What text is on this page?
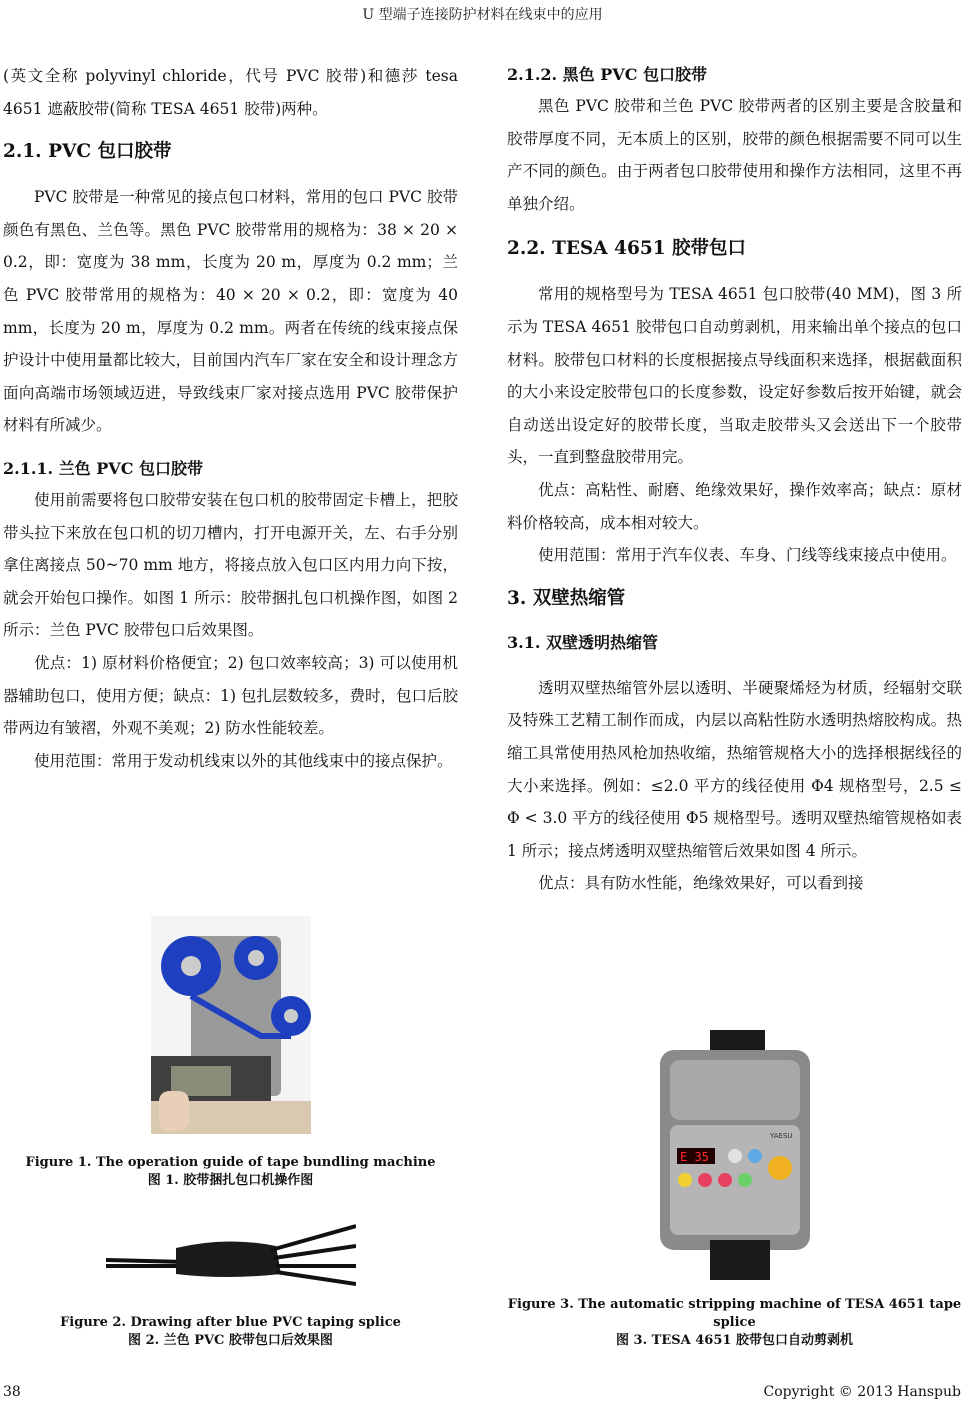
U 型端子连接防护材料在线束中的应用

(英文全称 polyvinyl chloride，代号 PVC 胶带)和德莎 tesa 4651 遮蔽胶带(简称 TESA 4651 胶带)两种。

2.1. PVC 包口胶带

PVC 胶带是一种常见的接点包口材料，常用的包口 PVC 胶带颜色有黑色、兰色等。黑色 PVC 胶带常用的规格为：38 × 20 × 0.2，即：宽度为 38 mm，长度为 20 m，厚度为 0.2 mm；兰色 PVC 胶带常用的规格为：40 × 20 × 0.2，即：宽度为 40 mm，长度为 20 m，厚度为 0.2 mm。两者在传统的线束接点保护设计中使用量都比较大，目前国内汽车厂家在安全和设计理念方面向高端市场领域迈进，导致线束厂家对接点选用 PVC 胶带保护材料有所减少。

2.1.1. 兰色 PVC 包口胶带

使用前需要将包口胶带安装在包口机的胶带固定卡槽上，把胶带头拉下来放在包口机的切刀槽内，打开电源开关，左、右手分别拿住离接点 50~70 mm 地方，将接点放入包口区内用力向下按，就会开始包口操作。如图 1 所示：胶带捆扎包口机操作图，如图 2 所示：兰色 PVC 胶带包口后效果图。

优点：1) 原材料价格便宜；2) 包口效率较高；3) 可以使用机器辅助包口，使用方便；缺点：1) 包扎层数较多，费时，包口后胶带两边有皱褶，外观不美观；2) 防水性能较差。

使用范围：常用于发动机线束以外的其他线束中的接点保护。

Figure 1. The operation guide of tape bundling machine

图 1. 胶带捆扎包口机操作图

Figure 2. Drawing after blue PVC taping splice

图 2. 兰色 PVC 胶带包口后效果图

2.1.2. 黑色 PVC 包口胶带

黑色 PVC 胶带和兰色 PVC 胶带两者的区别主要是含胶量和胶带厚度不同，无本质上的区别，胶带的颜色根据需要不同可以生产不同的颜色。由于两者包口胶带使用和操作方法相同，这里不再单独介绍。

2.2. TESA 4651 胶带包口

常用的规格型号为 TESA 4651 包口胶带(40 MM)，图 3 所示为 TESA 4651 胶带包口自动剪剥机，用来输出单个接点的包口材料。胶带包口材料的长度根据接点导线面积来选择，根据截面积的大小来设定胶带包口的长度参数，设定好参数后按开始键，就会自动送出设定好的胶带长度，当取走胶带头又会送出下一个胶带头，一直到整盘胶带用完。

优点：高粘性、耐磨、绝缘效果好，操作效率高；缺点：原材料价格较高，成本相对较大。

使用范围：常用于汽车仪表、车身、门线等线束接点中使用。

3. 双壁热缩管
3.1. 双壁透明热缩管

透明双壁热缩管外层以透明、半硬聚烯烃为材质，经辐射交联及特殊工艺精工制作而成，内层以高粘性防水透明热熔胶构成。热缩工具常使用热风枪加热收缩，热缩管规格大小的选择根据线径的大小来选择。例如：≤2.0 平方的线径使用 Φ4 规格型号，2.5 ≤ Φ < 3.0 平方的线径使用 Φ5 规格型号。透明双壁热缩管规格如表 1 所示；接点烤透明双壁热缩管后效果如图 4 所示。

优点：具有防水性能，绝缘效果好，可以看到接

YAESU
E 35

Figure 3. The automatic stripping machine of TESA 4651 tape splice

图 3. TESA 4651 胶带包口自动剪剥机

38	Copyright © 2013 Hanspub
